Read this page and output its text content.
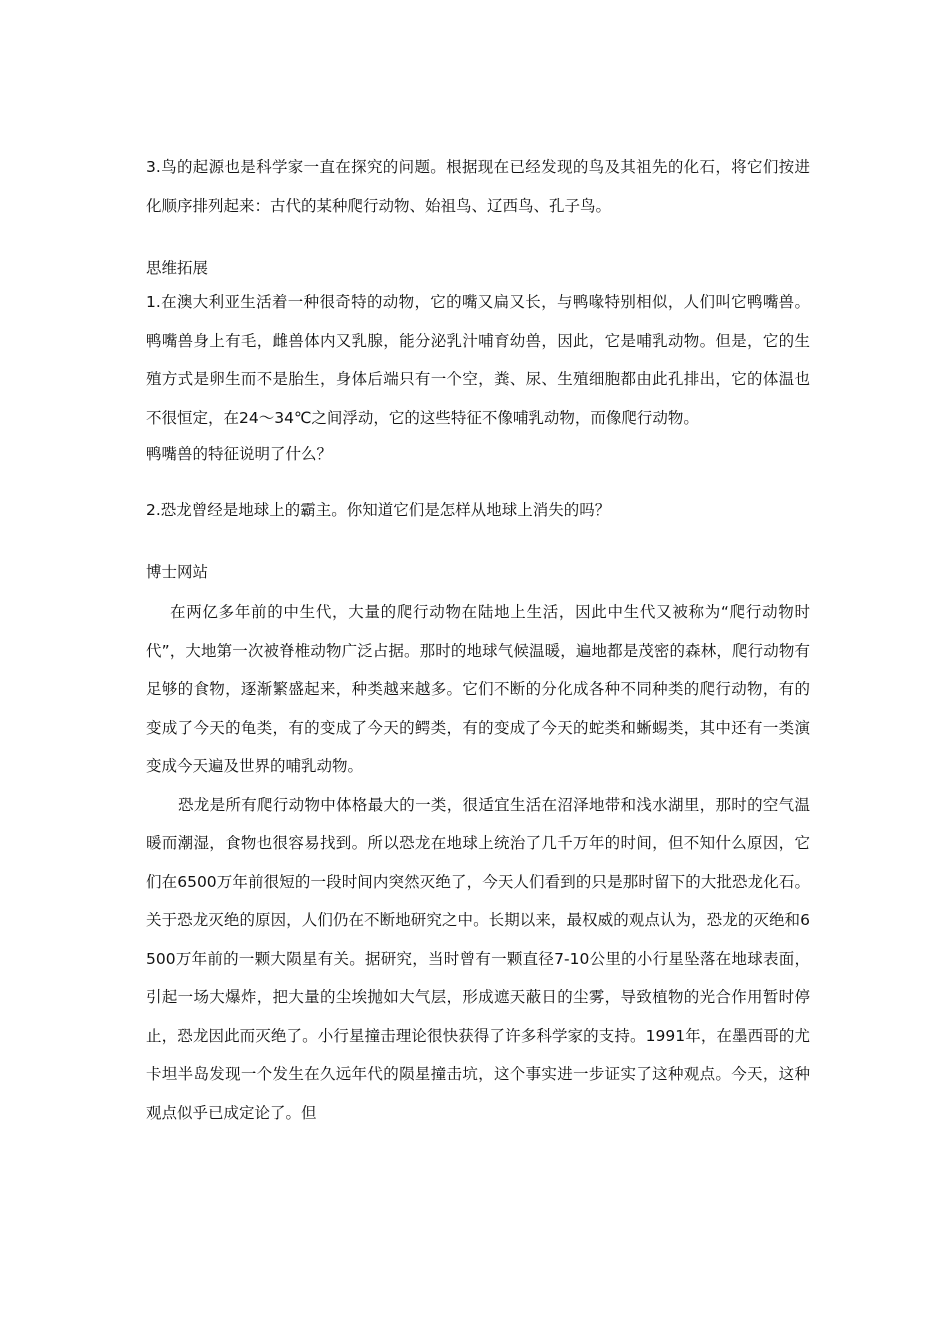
3.鸟的起源也是科学家一直在探究的问题。根据现在已经发现的鸟及其祖先的化石，将它们按进化顺序排列起来：古代的某种爬行动物、始祖鸟、辽西鸟、孔子鸟。

思维拓展

1.在澳大利亚生活着一种很奇特的动物，它的嘴又扁又长，与鸭喙特别相似，人们叫它鸭嘴兽。鸭嘴兽身上有毛，雌兽体内又乳腺，能分泌乳汁哺育幼兽，因此，它是哺乳动物。但是，它的生殖方式是卵生而不是胎生，身体后端只有一个空，粪、尿、生殖细胞都由此孔排出，它的体温也不很恒定，在24～34℃之间浮动，它的这些特征不像哺乳动物，而像爬行动物。

鸭嘴兽的特征说明了什么？

2.恐龙曾经是地球上的霸主。你知道它们是怎样从地球上消失的吗？

博士网站

在两亿多年前的中生代，大量的爬行动物在陆地上生活，因此中生代又被称为“爬行动物时代”，大地第一次被脊椎动物广泛占据。那时的地球气候温暖，遍地都是茂密的森林，爬行动物有足够的食物，逐渐繁盛起来，种类越来越多。它们不断的分化成各种不同种类的爬行动物，有的变成了今天的龟类，有的变成了今天的鳄类，有的变成了今天的蛇类和蜥蜴类，其中还有一类演变成今天遍及世界的哺乳动物。

恐龙是所有爬行动物中体格最大的一类，很适宜生活在沼泽地带和浅水湖里，那时的空气温暖而潮湿，食物也很容易找到。所以恐龙在地球上统治了几千万年的时间，但不知什么原因，它们在6500万年前很短的一段时间内突然灭绝了，今天人们看到的只是那时留下的大批恐龙化石。关于恐龙灭绝的原因，人们仍在不断地研究之中。长期以来，最权威的观点认为，恐龙的灭绝和6500万年前的一颗大陨星有关。据研究，当时曾有一颗直径7-10公里的小行星坠落在地球表面，引起一场大爆炸，把大量的尘埃抛如大气层，形成遮天蔽日的尘雾，导致植物的光合作用暂时停止，恐龙因此而灭绝了。小行星撞击理论很快获得了许多科学家的支持。1991年，在墨西哥的尤卡坦半岛发现一个发生在久远年代的陨星撞击坑，这个事实进一步证实了这种观点。今天，这种观点似乎已成定论了。但
